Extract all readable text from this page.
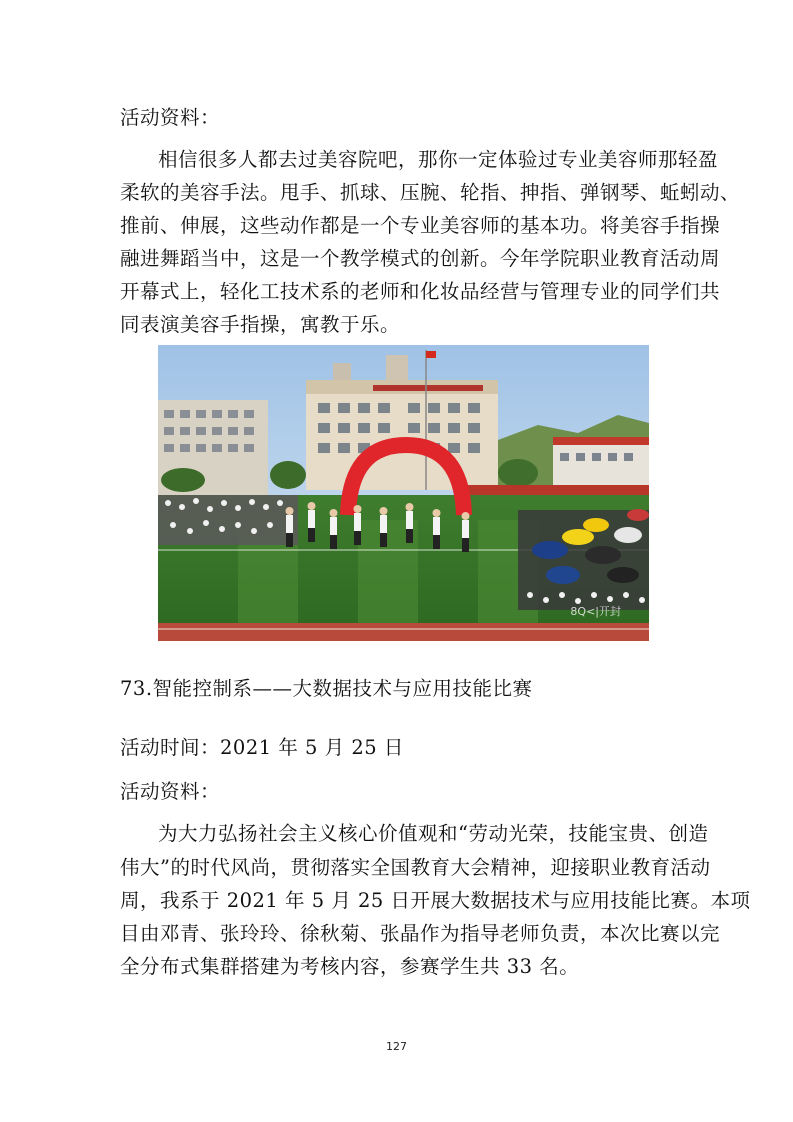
活动资料：
相信很多人都去过美容院吧，那你一定体验过专业美容师那轻盈
柔软的美容手法。甩手、抓球、压腕、轮指、抻指、弹钢琴、蚯蚓动、
推前、伸展，这些动作都是一个专业美容师的基本功。将美容手指操
融进舞蹈当中，这是一个教学模式的创新。今年学院职业教育活动周
开幕式上，轻化工技术系的老师和化妆品经营与管理专业的同学们共
同表演美容手指操，寓教于乐。
8Q<|开封
73.智能控制系——大数据技术与应用技能比赛
活动时间：2021 年 5 月 25 日
活动资料：
为大力弘扬社会主义核心价值观和“劳动光荣，技能宝贵、创造
伟大”的时代风尚，贯彻落实全国教育大会精神，迎接职业教育活动
周，我系于 2021 年 5 月 25 日开展大数据技术与应用技能比赛。本项
目由邓青、张玲玲、徐秋菊、张晶作为指导老师负责，本次比赛以完
全分布式集群搭建为考核内容，参赛学生共 33 名。
127
